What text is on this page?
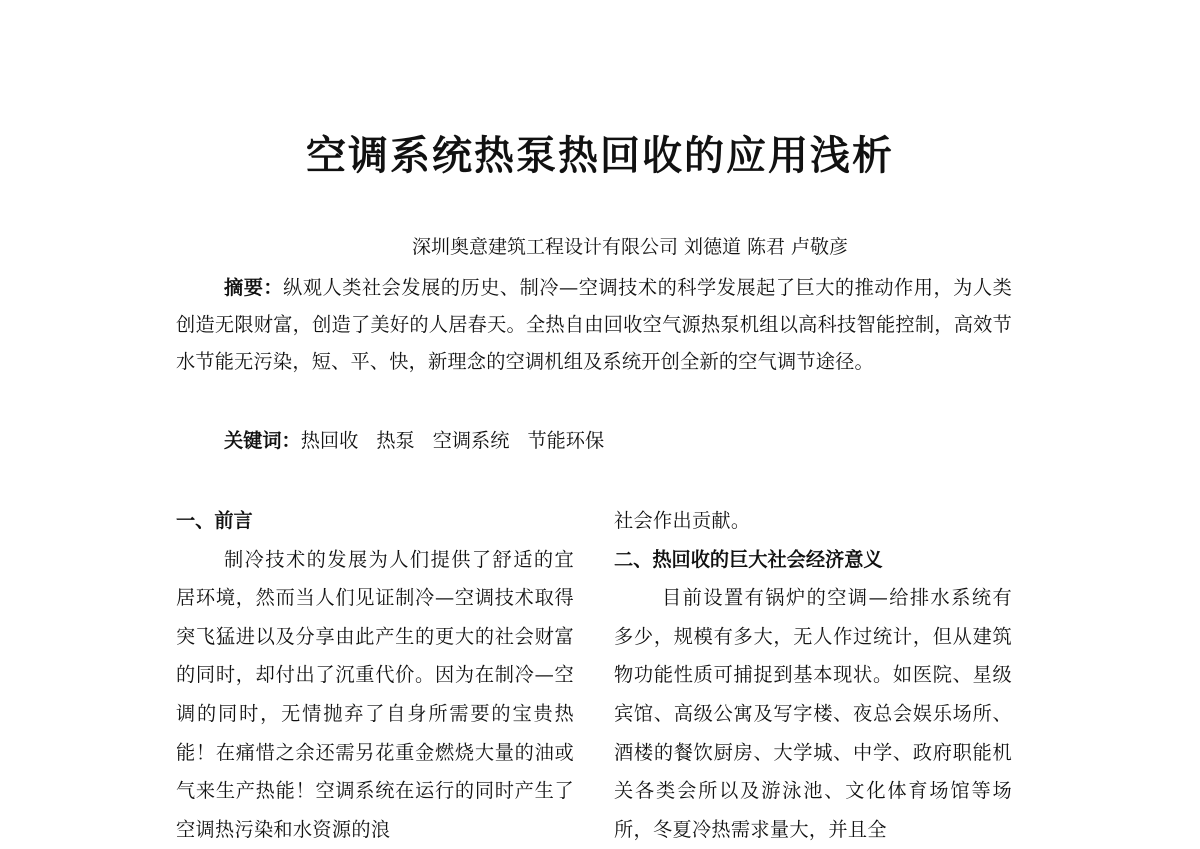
空调系统热泵热回收的应用浅析
深圳奥意建筑工程设计有限公司 刘德道 陈君 卢敬彦

摘要：纵观人类社会发展的历史、制冷—空调技术的科学发展起了巨大的推动作用，为人类创造无限财富，创造了美好的人居春天。全热自由回收空气源热泵机组以高科技智能控制，高效节水节能无污染，短、平、快，新理念的空调机组及系统开创全新的空气调节途径。

关键词：热回收 热泵 空调系统 节能环保

一、前言

制冷技术的发展为人们提供了舒适的宜居环境，然而当人们见证制冷—空调技术取得突飞猛进以及分享由此产生的更大的社会财富的同时，却付出了沉重代价。因为在制冷—空调的同时，无情抛弃了自身所需要的宝贵热能！在痛惜之余还需另花重金燃烧大量的油或气来生产热能！空调系统在运行的同时产生了空调热污染和水资源的浪

社会作出贡献。

二、热回收的巨大社会经济意义

目前设置有锅炉的空调—给排水系统有多少，规模有多大，无人作过统计，但从建筑物功能性质可捕捉到基本现状。如医院、星级宾馆、高级公寓及写字楼、夜总会娱乐场所、酒楼的餐饮厨房、大学城、中学、政府职能机关各类会所以及游泳池、文化体育场馆等场所，冬夏冷热需求量大，并且全
